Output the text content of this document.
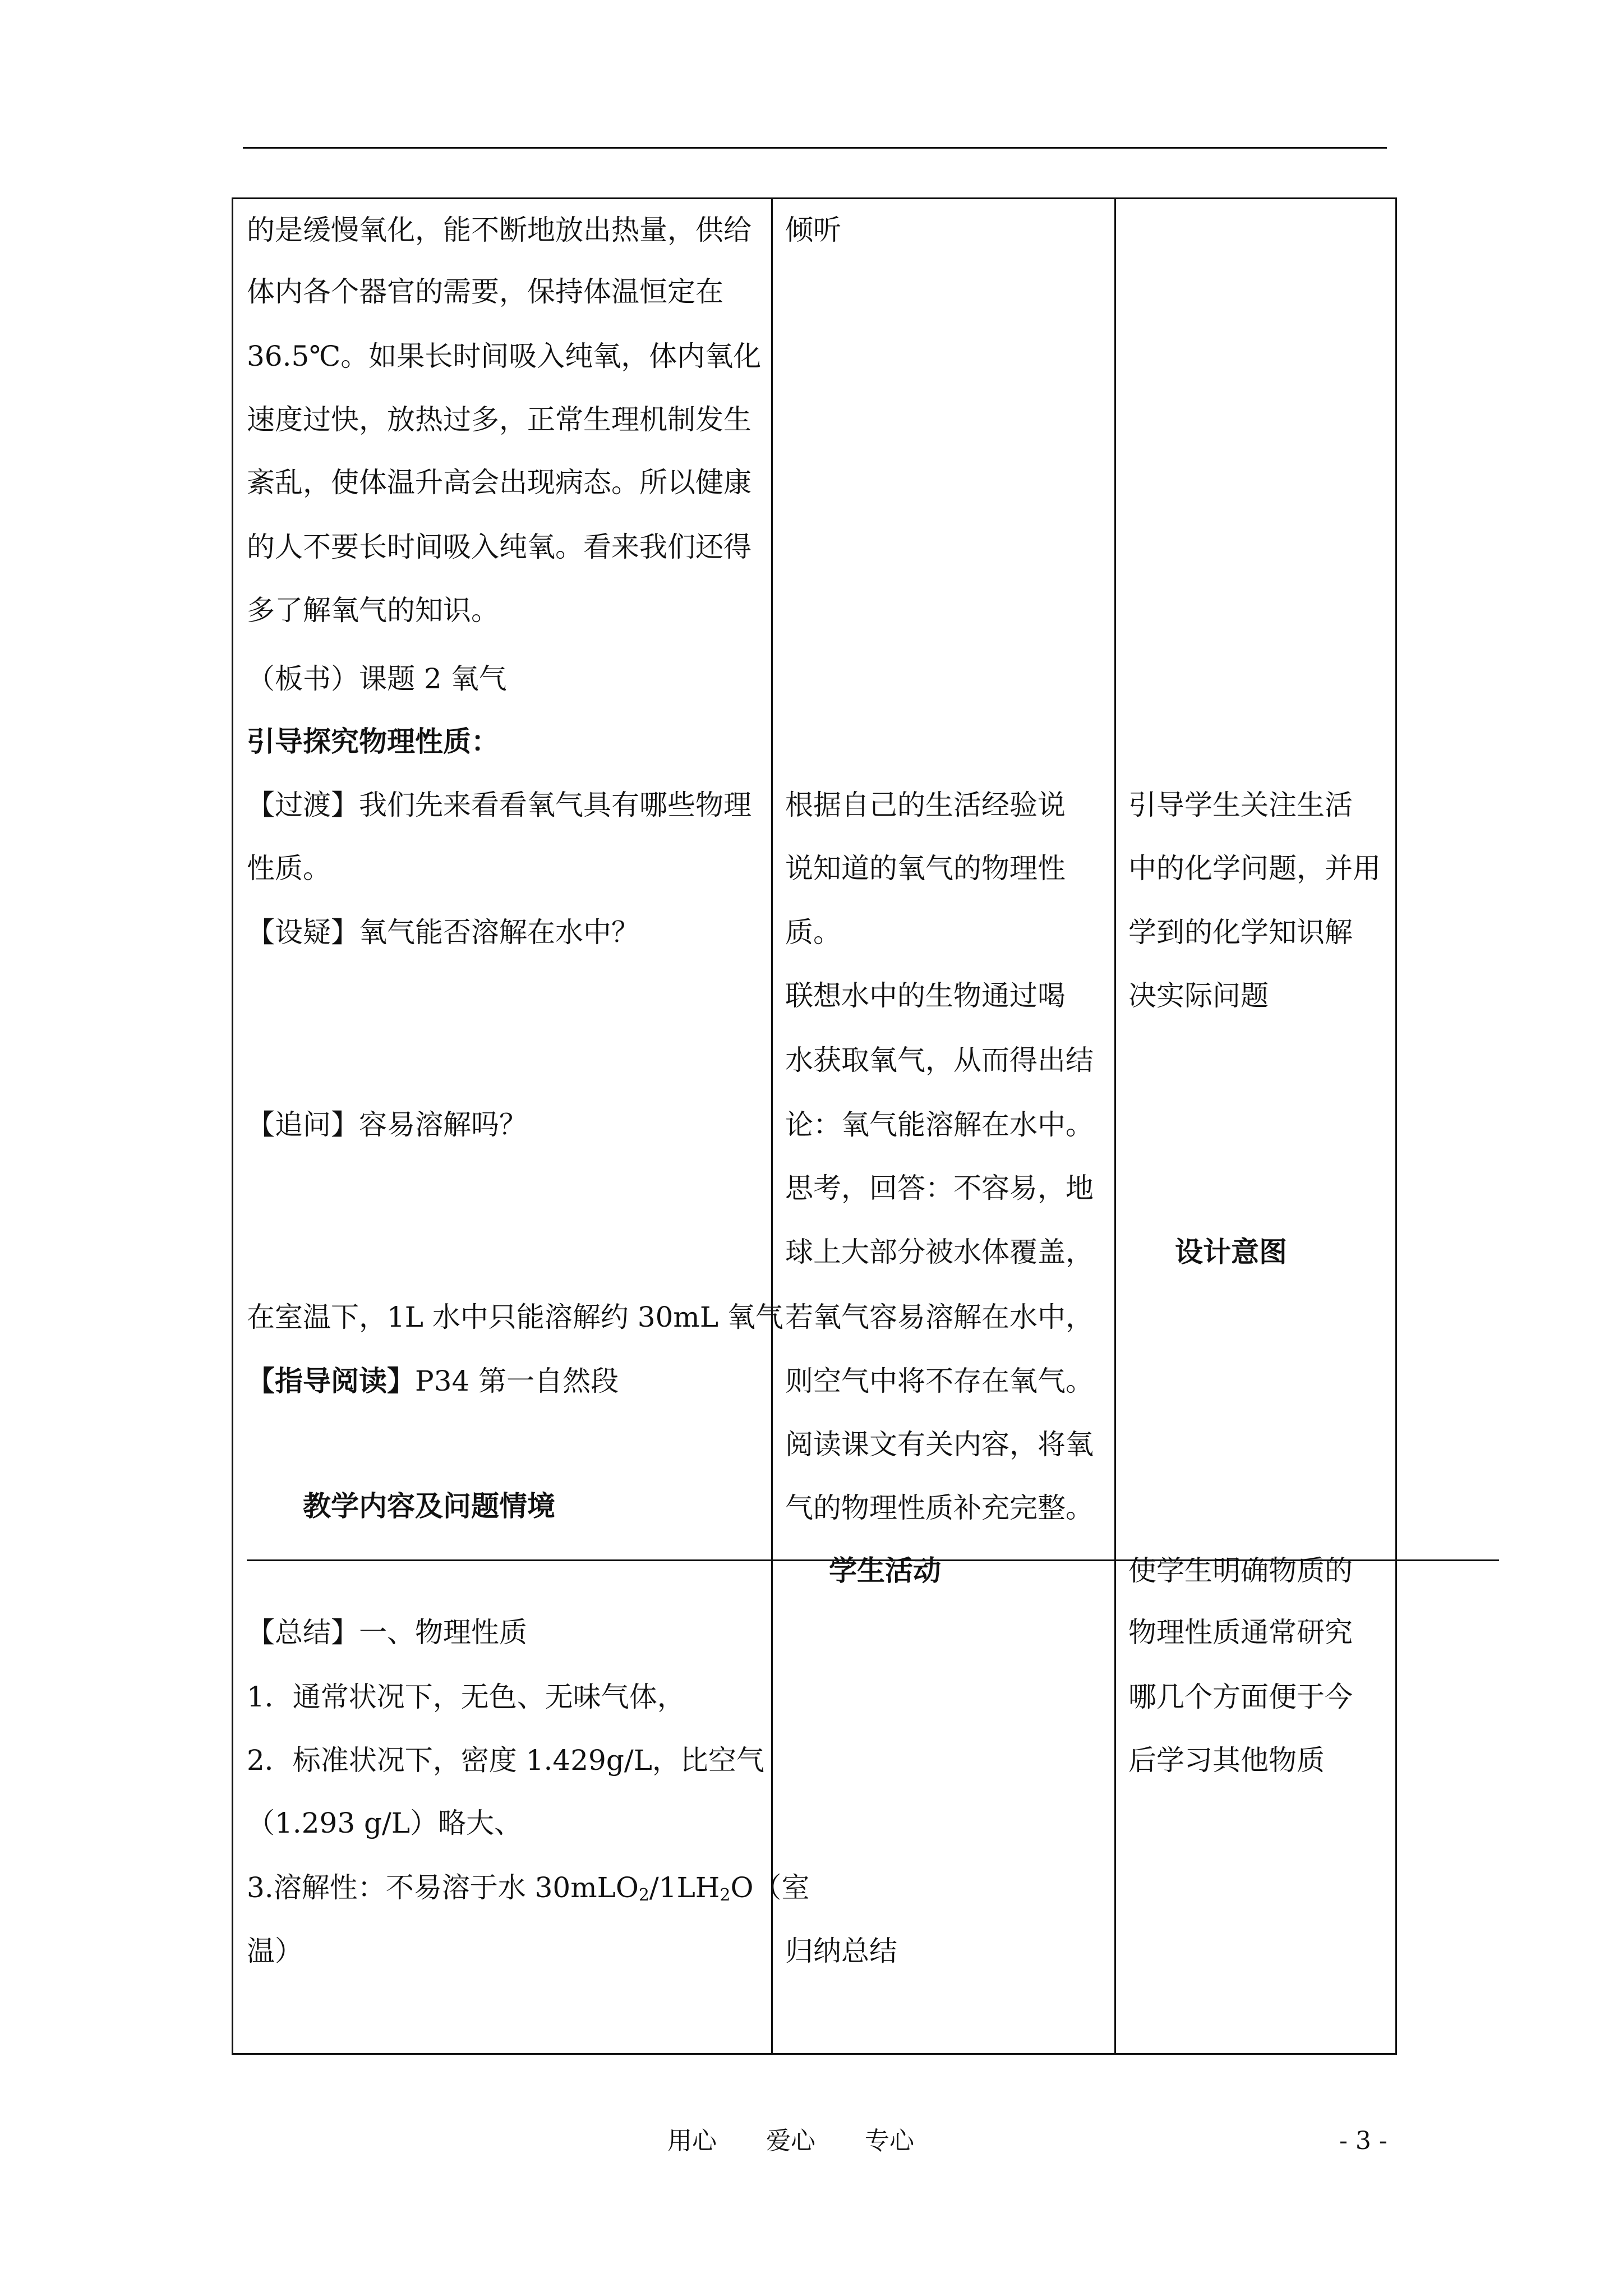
的是缓慢氧化，能不断地放出热量，供给
体内各个器官的需要，保持体温恒定在
36.5℃。如果长时间吸入纯氧，体内氧化
速度过快，放热过多，正常生理机制发生
紊乱，使体温升高会出现病态。所以健康
的人不要长时间吸入纯氧。看来我们还得
多了解氧气的知识。
（板书）课题 2 氧气
引导探究物理性质：
【过渡】我们先来看看氧气具有哪些物理
性质。
【设疑】氧气能否溶解在水中？
【追问】容易溶解吗？
在室温下，1L 水中只能溶解约 30mL 氧气
【指导阅读】P34 第一自然段
教学内容及问题情境
【总结】一、物理性质
1．通常状况下，无色、无味气体，
2．标准状况下，密度 1.429g/L，比空气
（1.293 g/L）略大、
3.溶解性：不易溶于水 $30mLO_2/1LH_2O$（室
温）
倾听
根据自己的生活经验说
说知道的氧气的物理性
质。
联想水中的生物通过喝
水获取氧气，从而得出结
论：氧气能溶解在水中。
思考，回答：不容易，地
球上大部分被水体覆盖，
若氧气容易溶解在水中，
则空气中将不存在氧气。
阅读课文有关内容，将氧
气的物理性质补充完整。
学生活动
归纳总结
引导学生关注生活
中的化学问题，并用
学到的化学知识解
决实际问题
设计意图
使学生明确物质的
物理性质通常研究
哪几个方面便于今
后学习其他物质
用心　　爱心　　专心	- 3 -
